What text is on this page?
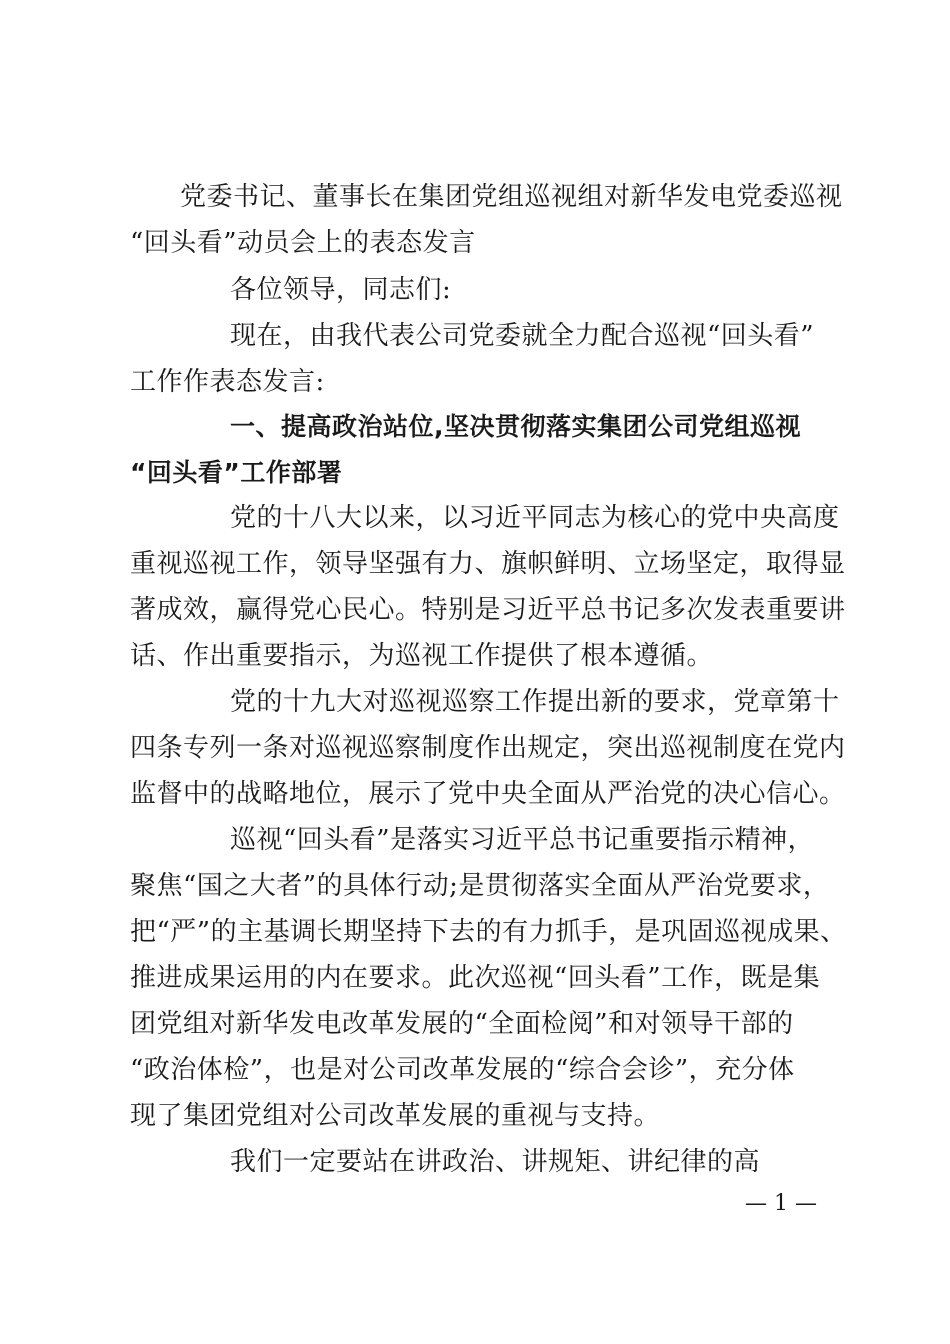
党委书记、董事长在集团党组巡视组对新华发电党委巡视
“回头看”动员会上的表态发言
各位领导，同志们:
现在，由我代表公司党委就全力配合巡视“回头看”
工作作表态发言:
一、提高政治站位,坚决贯彻落实集团公司党组巡视
“回头看”工作部署
党的十八大以来，以习近平同志为核心的党中央高度
重视巡视工作，领导坚强有力、旗帜鲜明、立场坚定，取得显
著成效，赢得党心民心。特别是习近平总书记多次发表重要讲
话、作出重要指示，为巡视工作提供了根本遵循。
党的十九大对巡视巡察工作提出新的要求，党章第十
四条专列一条对巡视巡察制度作出规定，突出巡视制度在党内
监督中的战略地位，展示了党中央全面从严治党的决心信心。
巡视“回头看”是落实习近平总书记重要指示精神，
聚焦“国之大者”的具体行动;是贯彻落实全面从严治党要求，
把“严”的主基调长期坚持下去的有力抓手，是巩固巡视成果、
推进成果运用的内在要求。此次巡视“回头看”工作，既是集
团党组对新华发电改革发展的“全面检阅”和对领导干部的
“政治体检”，也是对公司改革发展的“综合会诊”，充分体
现了集团党组对公司改革发展的重视与支持。
我们一定要站在讲政治、讲规矩、讲纪律的高
— 1 —
